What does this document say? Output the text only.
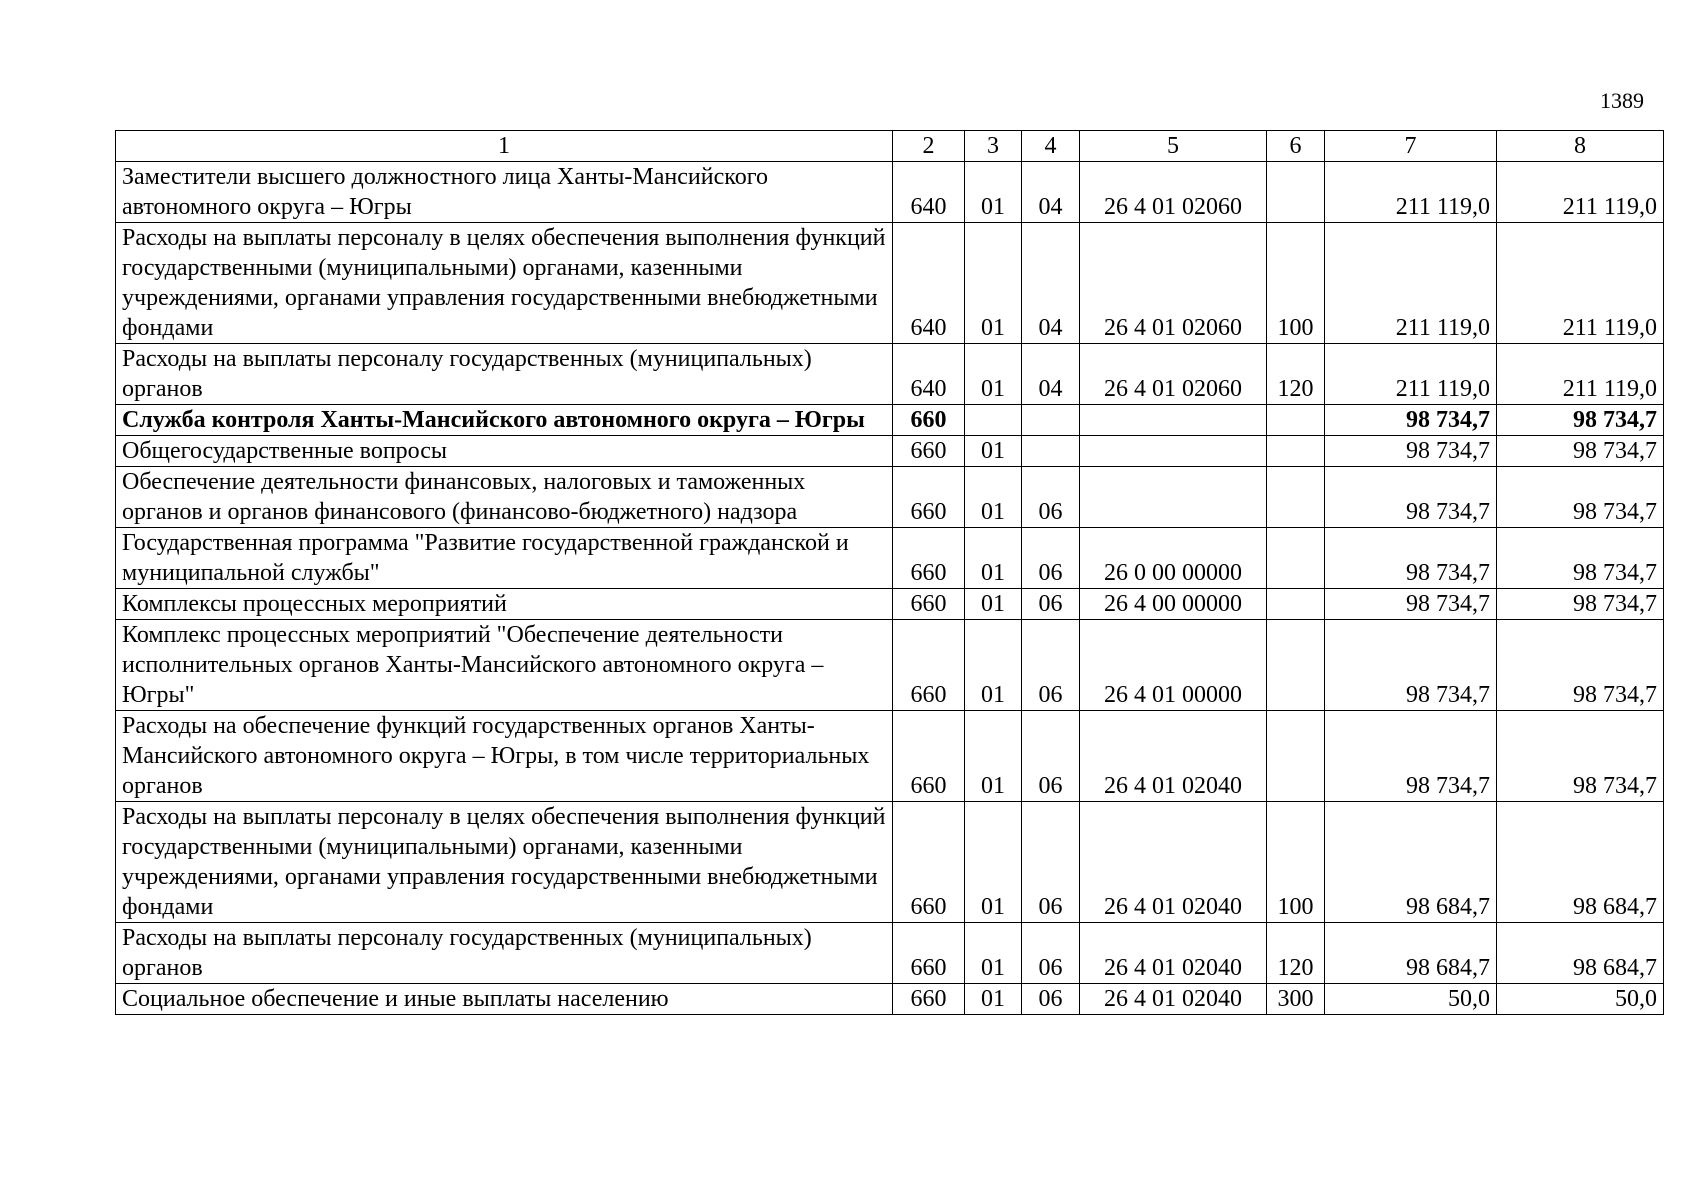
1389
1	2	3	4	5	6	7	8
Заместители высшего должностного лица Ханты-Мансийского автономного округа – Югры	640	01	04	26 4 01 02060		211 119,0	211 119,0
Расходы на выплаты персоналу в целях обеспечения выполнения функций государственными (муниципальными) органами, казенными учреждениями, органами управления государственными внебюджетными фондами	640	01	04	26 4 01 02060	100	211 119,0	211 119,0
Расходы на выплаты персоналу государственных (муниципальных) органов	640	01	04	26 4 01 02060	120	211 119,0	211 119,0
Служба контроля Ханты-Мансийского автономного округа – Югры	660					98 734,7	98 734,7
Общегосударственные вопросы	660	01				98 734,7	98 734,7
Обеспечение деятельности финансовых, налоговых и таможенных органов и органов финансового (финансово-бюджетного) надзора	660	01	06			98 734,7	98 734,7
Государственная программа "Развитие государственной гражданской и муниципальной службы"	660	01	06	26 0 00 00000		98 734,7	98 734,7
Комплексы процессных мероприятий	660	01	06	26 4 00 00000		98 734,7	98 734,7
Комплекс процессных мероприятий "Обеспечение деятельности исполнительных органов Ханты-Мансийского автономного округа – Югры"	660	01	06	26 4 01 00000		98 734,7	98 734,7
Расходы на обеспечение функций государственных органов Ханты-Мансийского автономного округа – Югры, в том числе территориальных органов	660	01	06	26 4 01 02040		98 734,7	98 734,7
Расходы на выплаты персоналу в целях обеспечения выполнения функций государственными (муниципальными) органами, казенными учреждениями, органами управления государственными внебюджетными фондами	660	01	06	26 4 01 02040	100	98 684,7	98 684,7
Расходы на выплаты персоналу государственных (муниципальных) органов	660	01	06	26 4 01 02040	120	98 684,7	98 684,7
Социальное обеспечение и иные выплаты населению	660	01	06	26 4 01 02040	300	50,0	50,0
